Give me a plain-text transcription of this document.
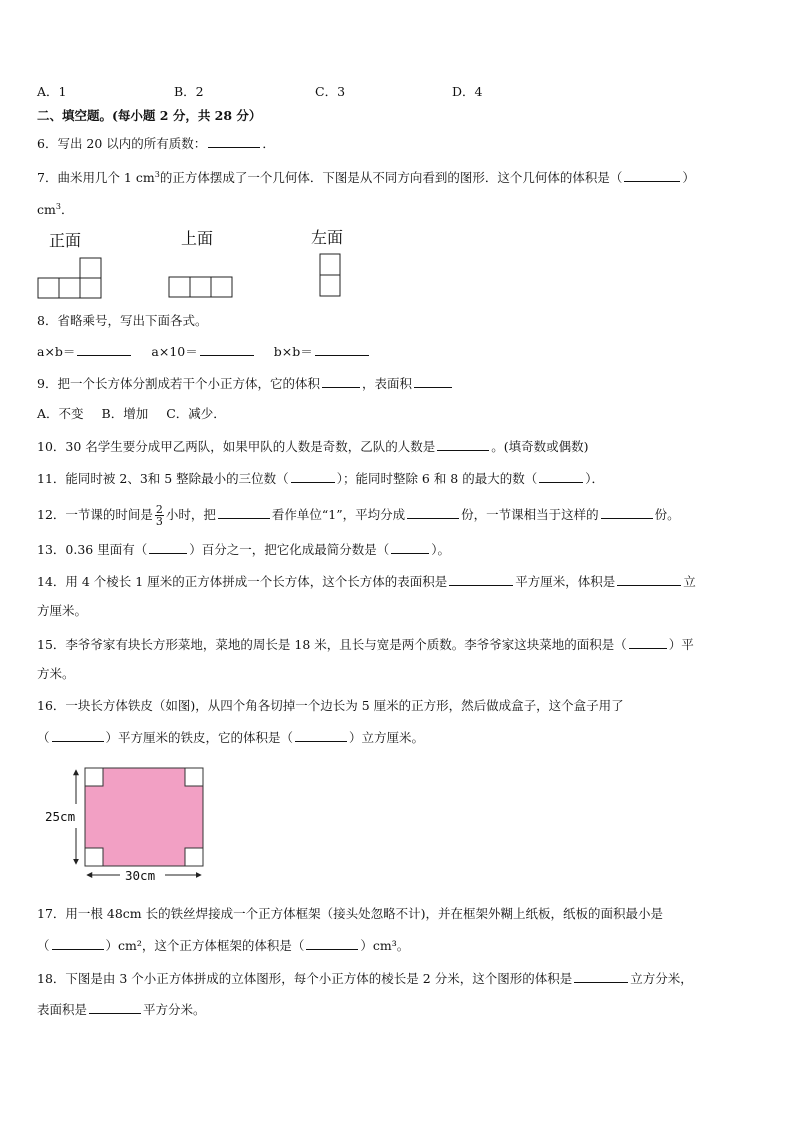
A．1	B．2	C．3	D．4
二、填空题。(每小题 2 分，共 28 分）
6．写出 20 以内的所有质数：	．
7．曲米用几个 1 $cm^3$的正方体摆成了一个几何体．下图是从不同方向看到的图形．这个几何体的体积是（	）
$cm^3$．
正面	上面	左面
8．省略乘号，写出下面各式。
a×b＝	a×10＝	b×b＝
9．把一个长方体分割成若干个小正方体，它的体积	，表面积
A．不变 B．增加 C．减少．
10．30 名学生要分成甲乙两队，如果甲队的人数是奇数，乙队的人数是	。(填奇数或偶数)
11．能同时被 2、3和 5 整除最小的三位数（	）；能同时整除 6 和 8 的最大的数（	）．
12．一节课的时间是 $\frac{2}{3}$ 小时，把	看作单位“1”，平均分成	份，一节课相当于这样的	份。
13．0.36 里面有（	）百分之一，把它化成最简分数是（	）。
14．用 4 个棱长 1 厘米的正方体拼成一个长方体，这个长方体的表面积是	平方厘米，体积是	立
方厘米。
15．李爷爷家有块长方形菜地，菜地的周长是 18 米，且长与宽是两个质数。李爷爷家这块菜地的面积是（	）平
方米。
16．一块长方体铁皮（如图)，从四个角各切掉一个边长为 5 厘米的正方形，然后做成盒子，这个盒子用了
（	）平方厘米的铁皮，它的体积是（	）立方厘米。
25cm
30cm
17．用一根 48cm 长的铁丝焊接成一个正方体框架（接头处忽略不计)，并在框架外糊上纸板，纸板的面积最小是
（	）cm²，这个正方体框架的体积是（	）cm³。
18．下图是由 3 个小正方体拼成的立体图形，每个小正方体的棱长是 2 分米，这个图形的体积是	立方分米，
表面积是	平方分米。
